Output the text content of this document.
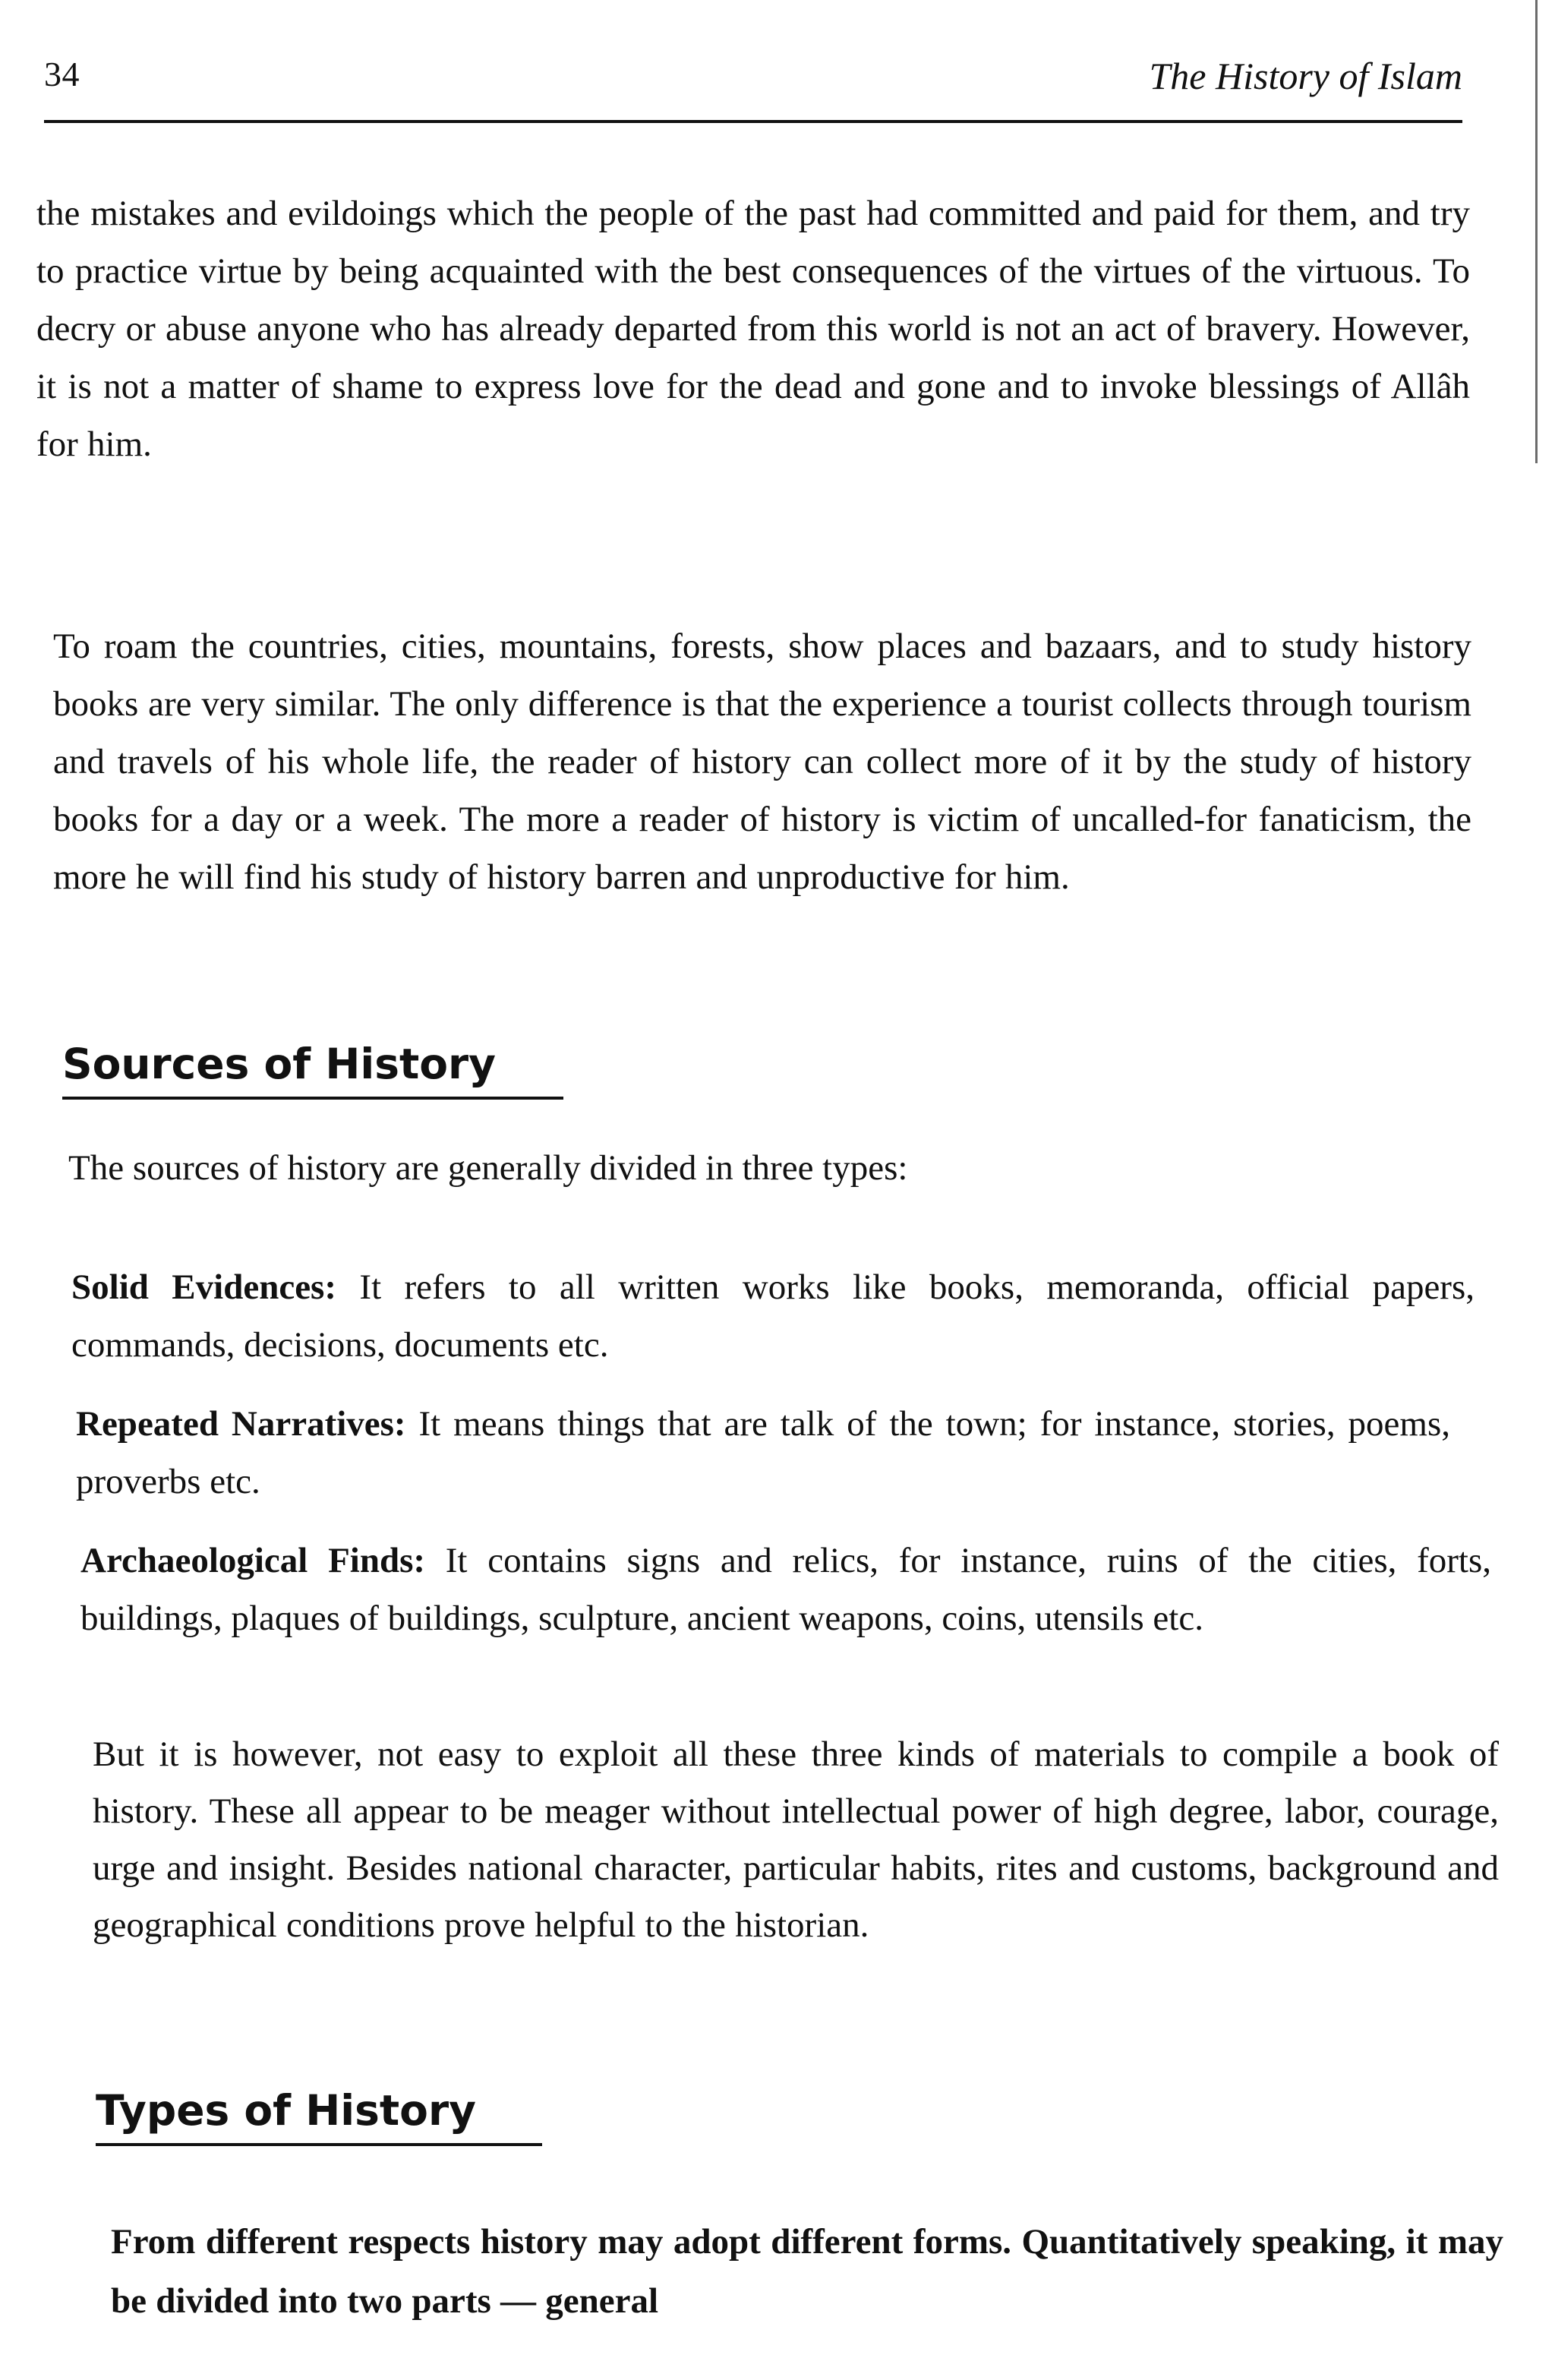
34	The History of Islam

the mistakes and evildoings which the people of the past had committed and paid for them, and try to practice virtue by being acquainted with the best consequences of the virtues of the virtuous. To decry or abuse anyone who has already departed from this world is not an act of bravery. However, it is not a matter of shame to express love for the dead and gone and to invoke blessings of Allâh for him.

To roam the countries, cities, mountains, forests, show places and bazaars, and to study history books are very similar. The only difference is that the experience a tourist collects through tourism and travels of his whole life, the reader of history can collect more of it by the study of history books for a day or a week. The more a reader of history is victim of uncalled-for fanaticism, the more he will find his study of history barren and unproductive for him.

Sources of History
The sources of history are generally divided in three types:

Solid Evidences: It refers to all written works like books, memoranda, official papers, commands, decisions, documents etc.

Repeated Narratives: It means things that are talk of the town; for instance, stories, poems, proverbs etc.

Archaeological Finds: It contains signs and relics, for instance, ruins of the cities, forts, buildings, plaques of buildings, sculpture, ancient weapons, coins, utensils etc.

But it is however, not easy to exploit all these three kinds of materials to compile a book of history. These all appear to be meager without intellectual power of high degree, labor, courage, urge and insight. Besides national character, particular habits, rites and customs, background and geographical conditions prove helpful to the historian.

Types of History

From different respects history may adopt different forms. Quantitatively speaking, it may be divided into two parts — general
